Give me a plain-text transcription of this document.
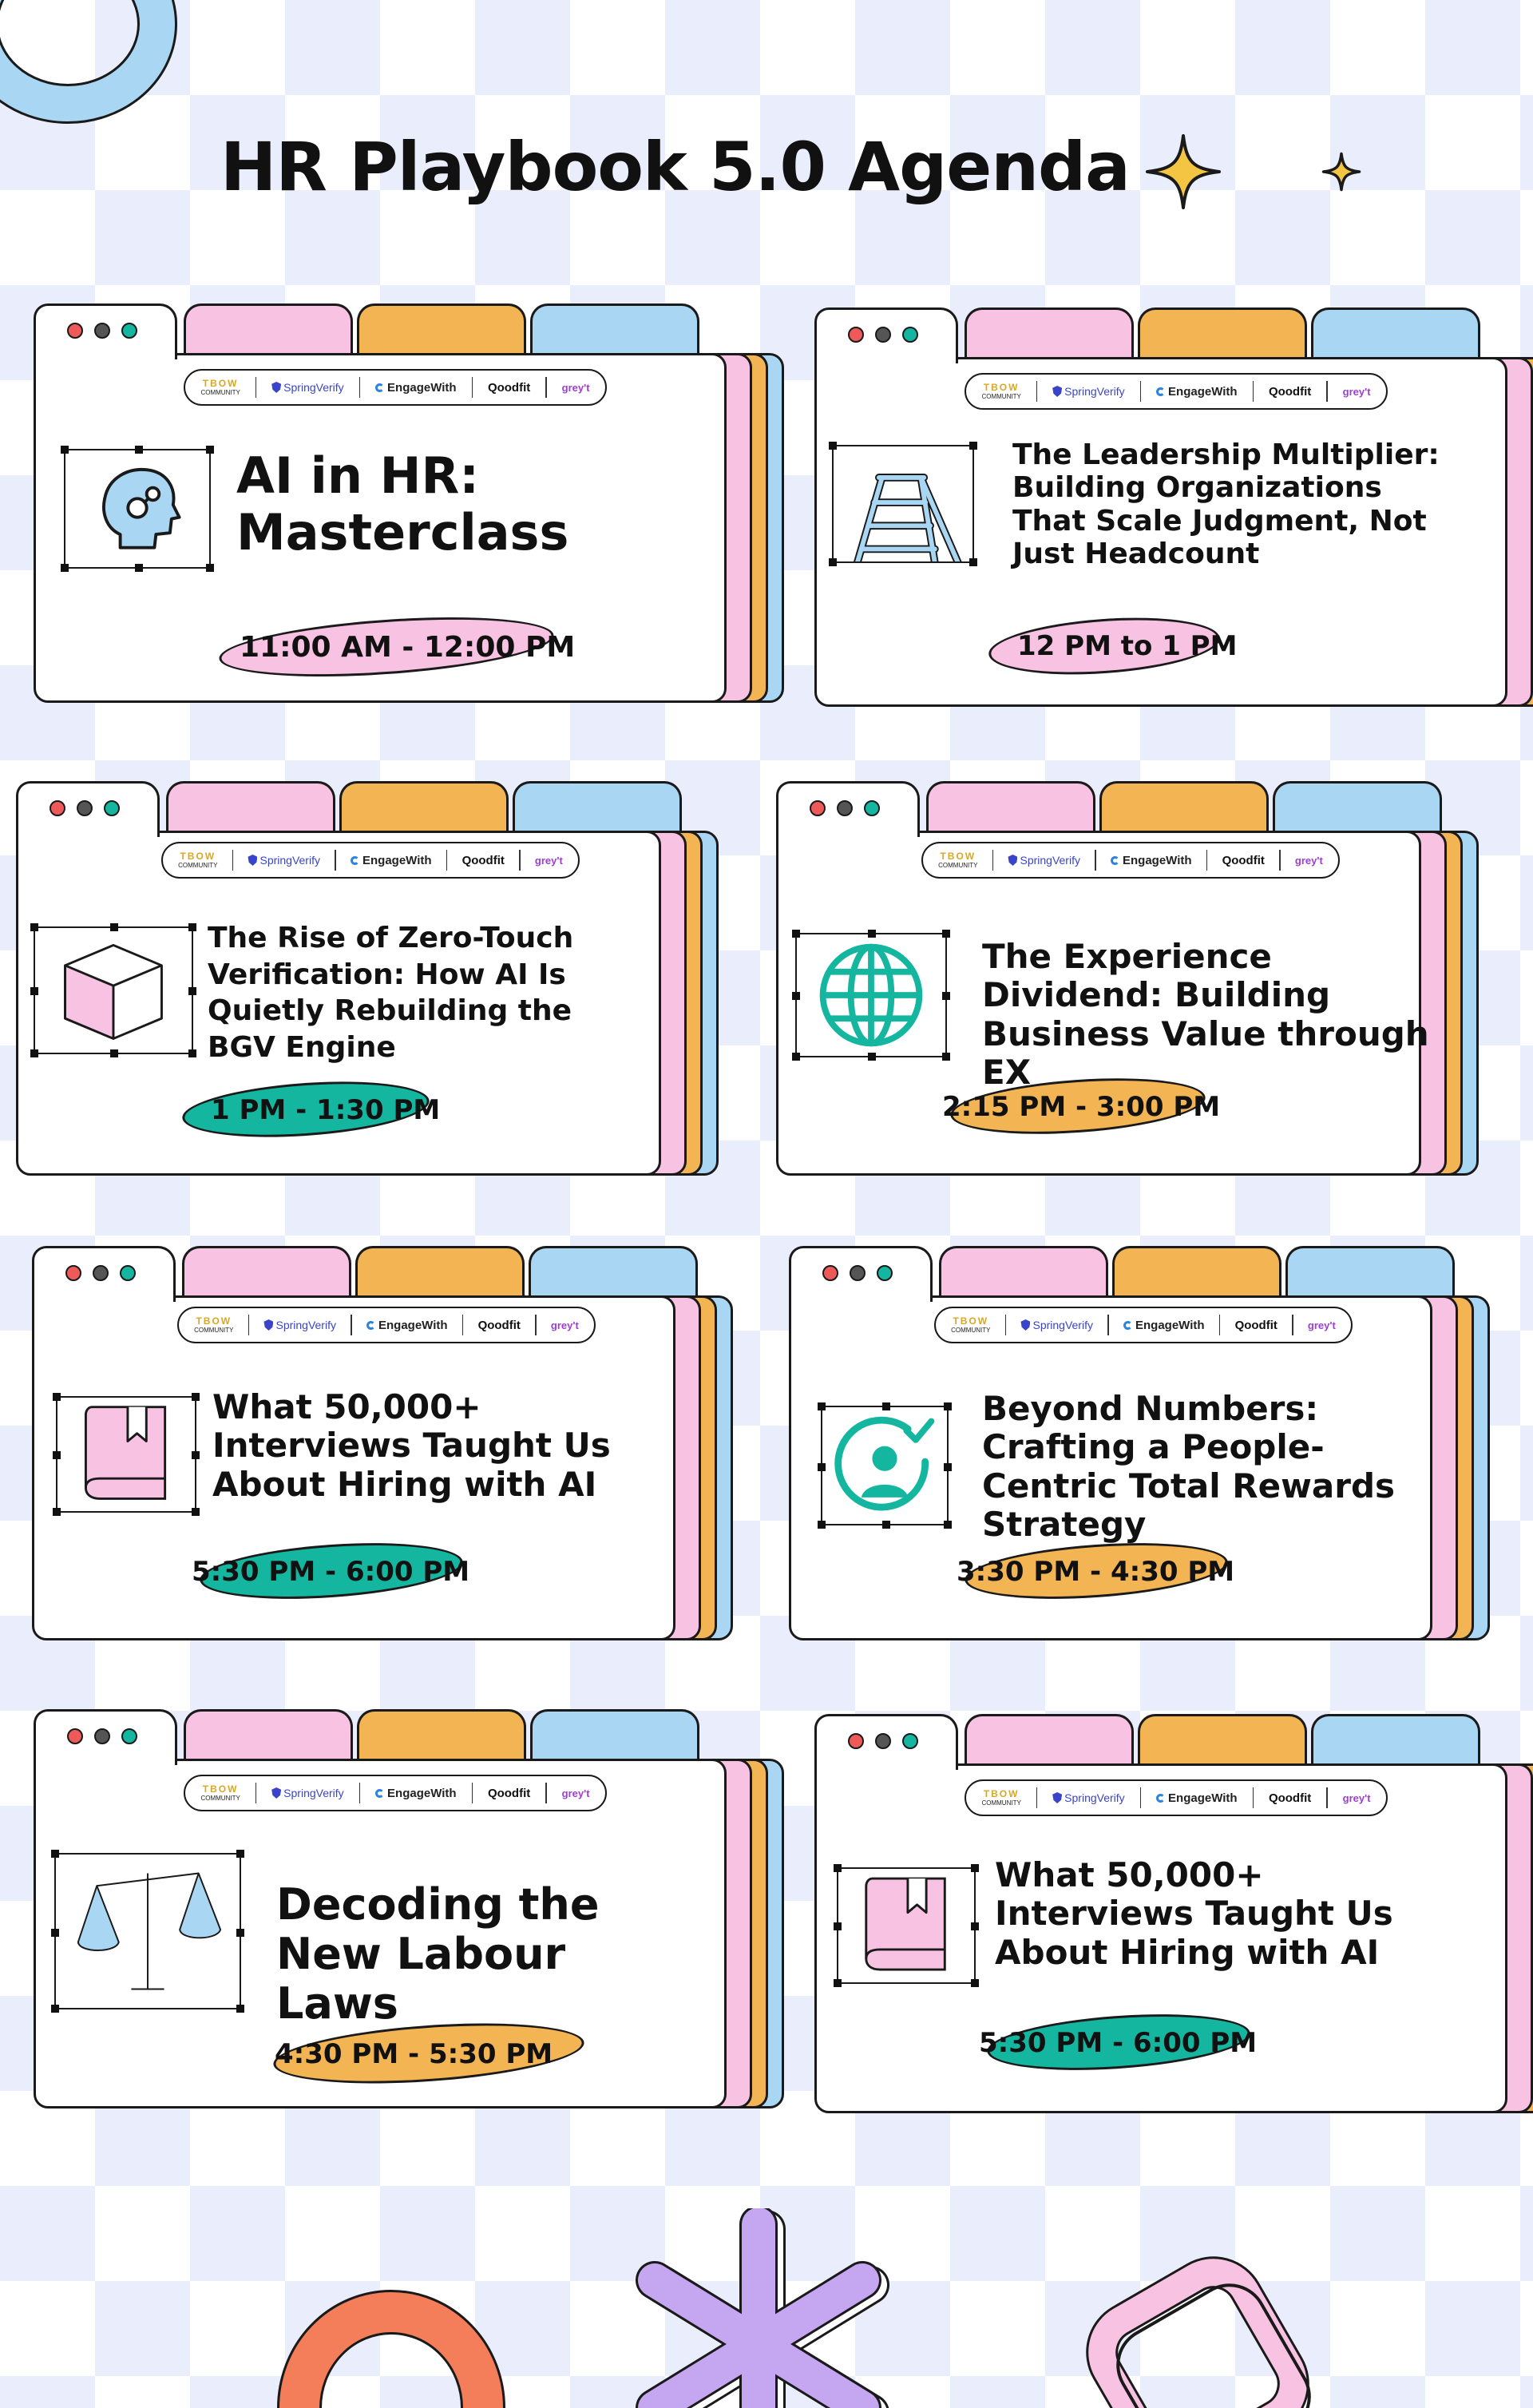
HR Playbook 5.0 Agenda
TBOW
COMMUNITY	SpringVerify	EngageWith	Qoodfit	grey't
AI in HR: Masterclass
11:00 AM - 12:00 PM
TBOW
COMMUNITY	SpringVerify	EngageWith	Qoodfit	grey't
The Leadership Multiplier: Building Organizations That Scale Judgment, Not Just Headcount
12 PM to 1 PM
TBOW
COMMUNITY	SpringVerify	EngageWith	Qoodfit	grey't
The Rise of Zero-Touch Verification: How AI Is Quietly Rebuilding the BGV Engine
1 PM - 1:30 PM
TBOW
COMMUNITY	SpringVerify	EngageWith	Qoodfit	grey't
The Experience Dividend: Building Business Value through EX
2:15 PM - 3:00 PM
TBOW
COMMUNITY	SpringVerify	EngageWith	Qoodfit	grey't
What 50,000+ Interviews Taught Us About Hiring with AI
5:30 PM - 6:00 PM
TBOW
COMMUNITY	SpringVerify	EngageWith	Qoodfit	grey't
Beyond Numbers: Crafting a People-Centric Total Rewards Strategy
3:30 PM - 4:30 PM
TBOW
COMMUNITY	SpringVerify	EngageWith	Qoodfit	grey't
Decoding the New Labour Laws
4:30 PM - 5:30 PM
TBOW
COMMUNITY	SpringVerify	EngageWith	Qoodfit	grey't
What 50,000+ Interviews Taught Us About Hiring with AI
5:30 PM - 6:00 PM
